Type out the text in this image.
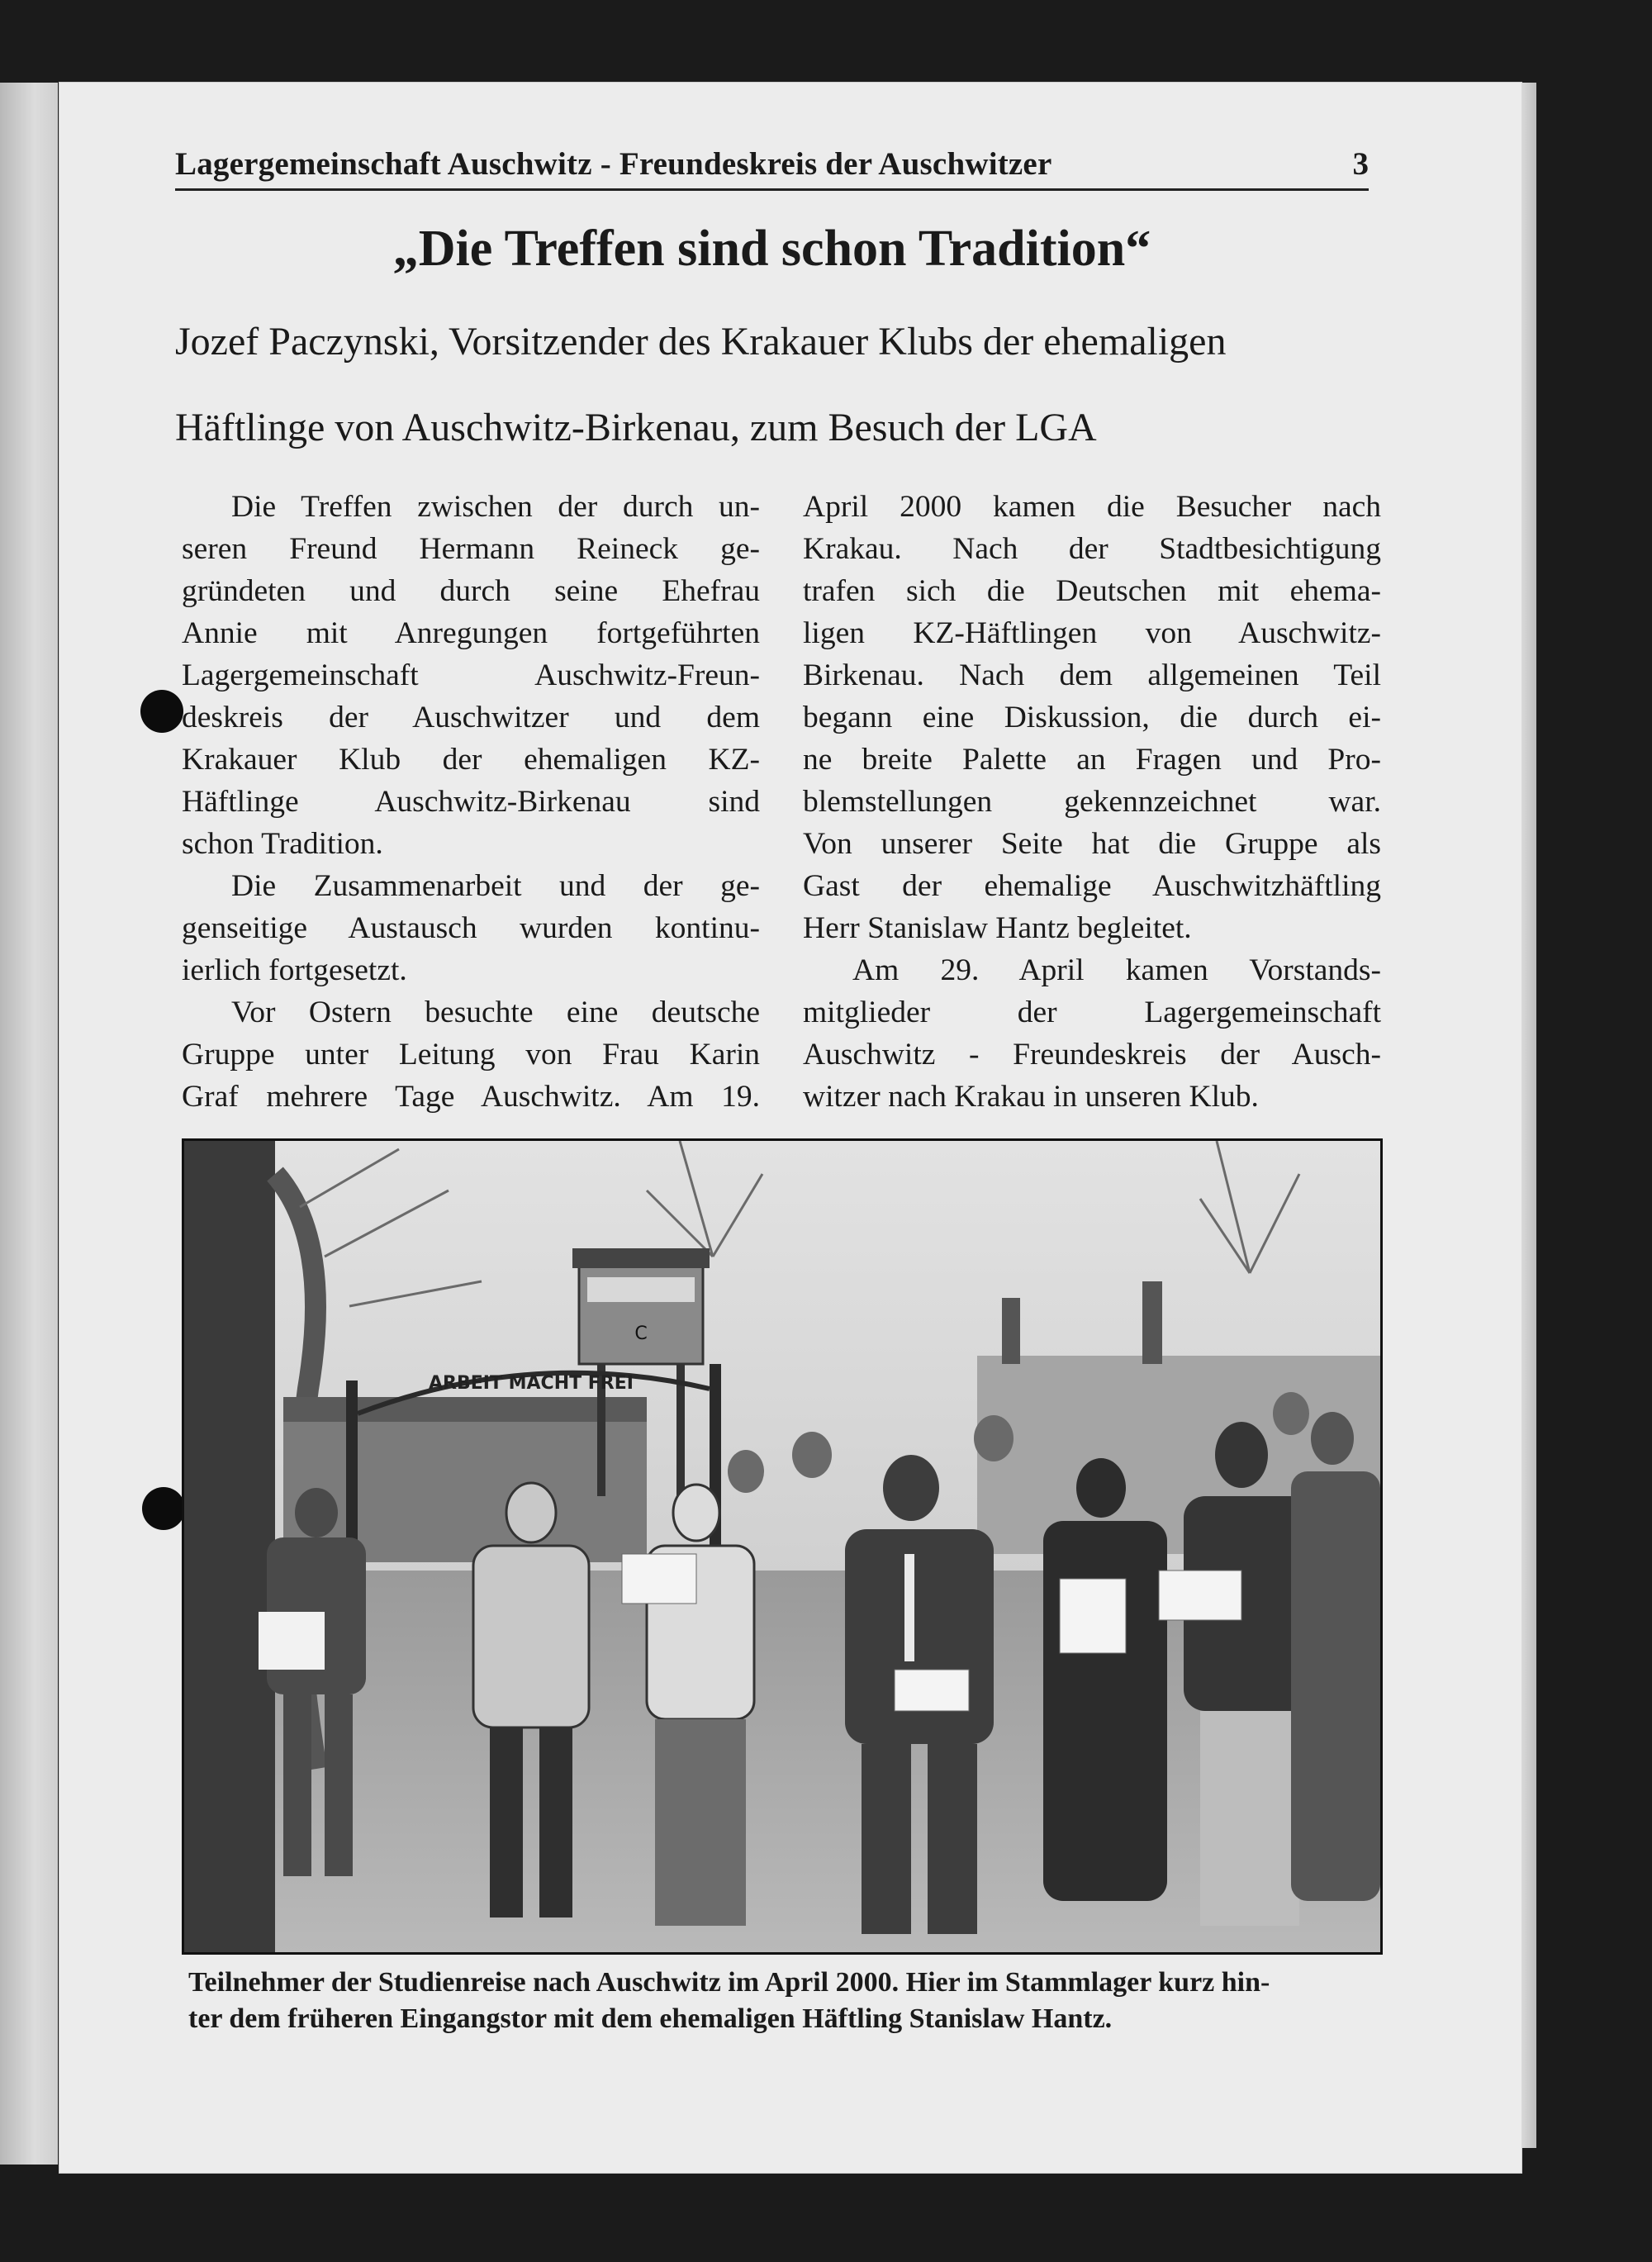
Lagergemeinschaft Auschwitz - Freundeskreis der Auschwitzer	3
„Die Treffen sind schon Tradition“
Jozef Paczynski, Vorsitzender des Krakauer Klubs der ehemaligen
Häftlinge von Auschwitz-Birkenau, zum Besuch der LGA
Die Treffen zwischen der durch un-
seren Freund Hermann Reineck ge-
gründeten und durch seine Ehefrau
Annie mit Anregungen fortgeführten
Lagergemeinschaft Auschwitz-Freun-
deskreis der Auschwitzer und dem
Krakauer Klub der ehemaligen KZ-
Häftlinge Auschwitz-Birkenau sind
schon Tradition.
Die Zusammenarbeit und der ge-
genseitige Austausch wurden kontinu-
ierlich fortgesetzt.
Vor Ostern besuchte eine deutsche
Gruppe unter Leitung von Frau Karin
Graf mehrere Tage Auschwitz. Am 19.
April 2000 kamen die Besucher nach
Krakau. Nach der Stadtbesichtigung
trafen sich die Deutschen mit ehema-
ligen KZ-Häftlingen von Auschwitz-
Birkenau. Nach dem allgemeinen Teil
begann eine Diskussion, die durch ei-
ne breite Palette an Fragen und Pro-
blemstellungen gekennzeichnet war.
Von unserer Seite hat die Gruppe als
Gast der ehemalige Auschwitzhäftling
Herr Stanislaw Hantz begleitet.
Am 29. April kamen Vorstands-
mitglieder der Lagergemeinschaft
Auschwitz - Freundeskreis der Ausch-
witzer nach Krakau in unseren Klub.
C
ARBEIT MACHT FREI
Teilnehmer der Studienreise nach Auschwitz im April 2000. Hier im Stammlager kurz hin-
ter dem früheren Eingangstor mit dem ehemaligen Häftling Stanislaw Hantz.
